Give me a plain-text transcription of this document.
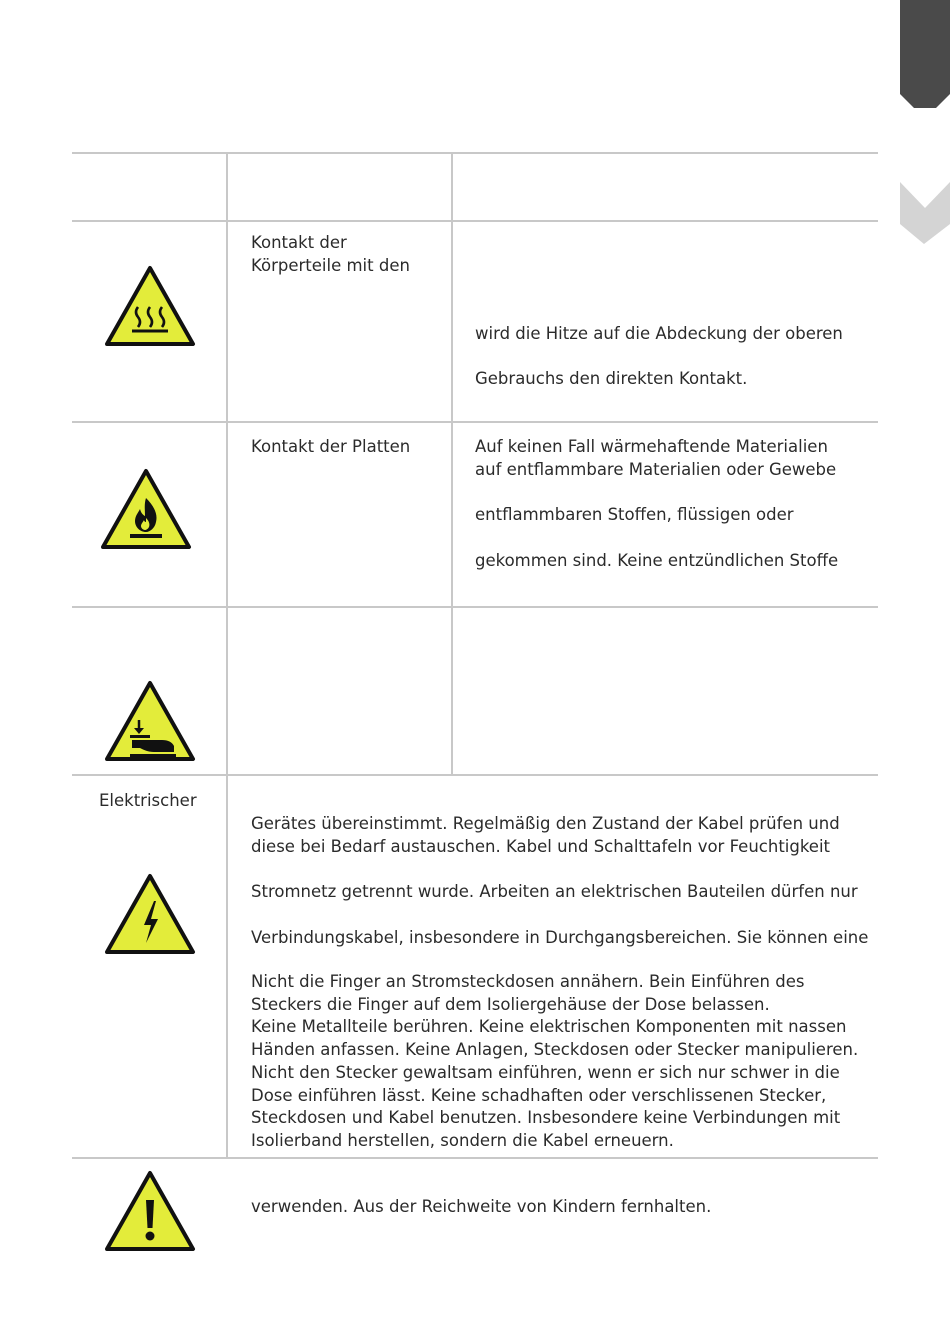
Kontakt der
Körperteile mit den
wird die Hitze auf die Abdeckung der oberen
Gebrauchs den direkten Kontakt.
Kontakt der Platten	Auf keinen Fall wärmehaftende Materialien
auf entflammbare Materialien oder Gewebe
entflammbaren Stoffen, flüssigen oder
gekommen sind. Keine entzündlichen Stoffe
Elektrischer
Gerätes übereinstimmt. Regelmäßig den Zustand der Kabel prüfen und
diese bei Bedarf austauschen. Kabel und Schalttafeln vor Feuchtigkeit
Stromnetz getrennt wurde. Arbeiten an elektrischen Bauteilen dürfen nur
Verbindungskabel, insbesondere in Durchgangsbereichen. Sie können eine
Nicht die Finger an Stromsteckdosen annähern. Bein Einführen des
Steckers die Finger auf dem Isoliergehäuse der Dose belassen.
Keine Metallteile berühren. Keine elektrischen Komponenten mit nassen
Händen anfassen. Keine Anlagen, Steckdosen oder Stecker manipulieren.
Nicht den Stecker gewaltsam einführen, wenn er sich nur schwer in die
Dose einführen lässt. Keine schadhaften oder verschlissenen Stecker,
Steckdosen und Kabel benutzen. Insbesondere keine Verbindungen mit
Isolierband herstellen, sondern die Kabel erneuern.
verwenden. Aus der Reichweite von Kindern fernhalten.
